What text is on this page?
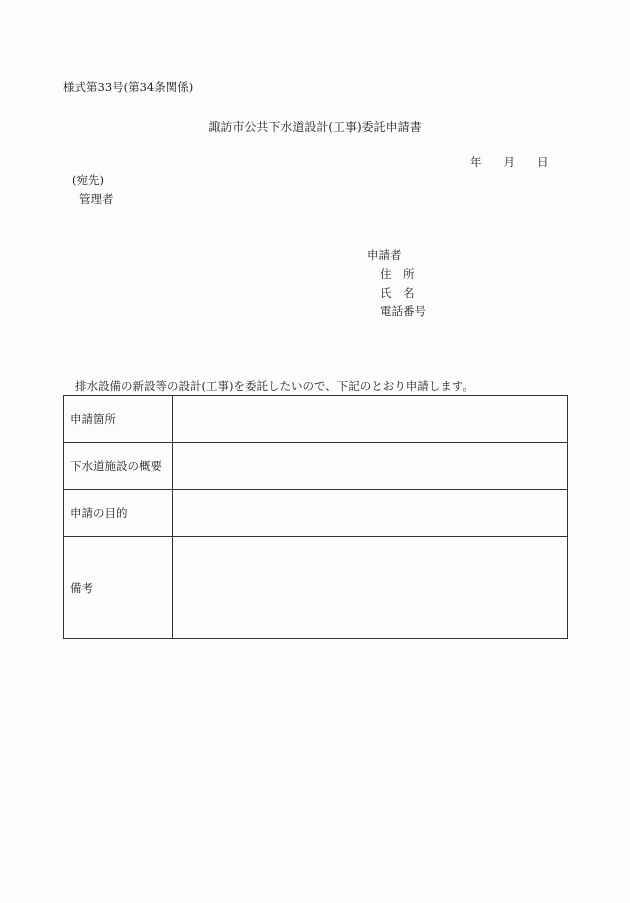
様式第33号(第34条関係)
諏訪市公共下水道設計(工事)委託申請書
年 月 日
(宛先)
管理者
申請者
住　所
氏　名
電話番号
排水設備の新設等の設計(工事)を委託したいので、下記のとおり申請します。
申請箇所	
下水道施設の概要	
申請の目的	
備考	
